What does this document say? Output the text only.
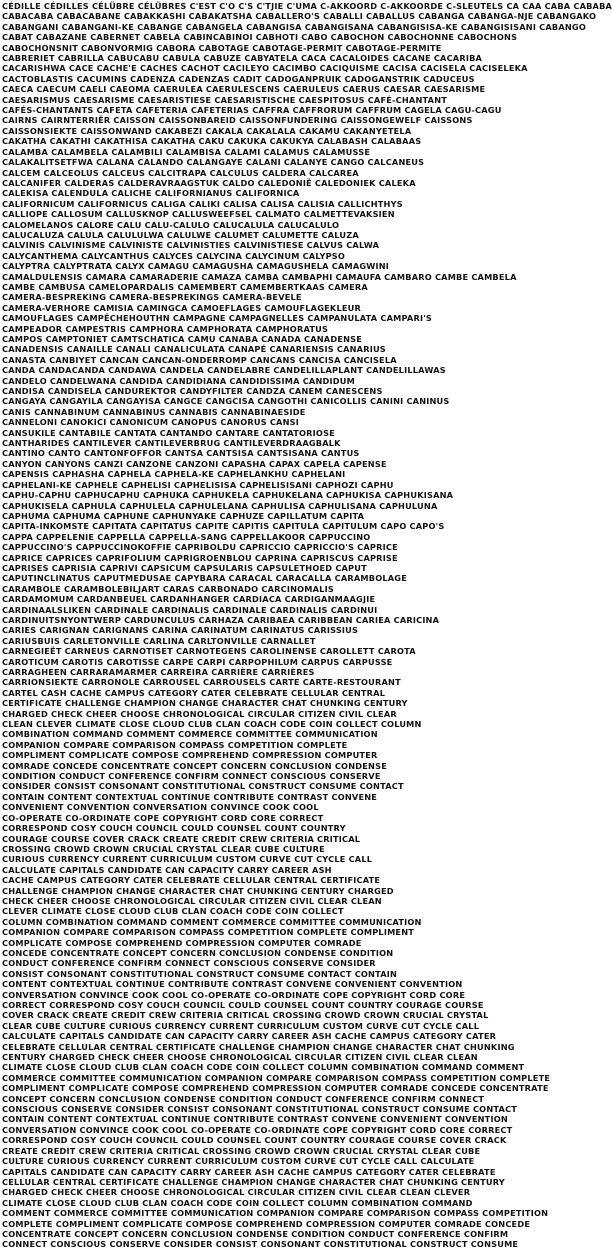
CÉDILLE CÉDILLES CÉLÜBRE CÉLÜBRES C'EST C'O C'S C'TJIE C'UMA C-AKKOORD C-AKKOORDE C-SLEUTELS CA CAA CABA CABABA
CABACABA CABACABANE CABAKKASHI CABAKATSHA CABALLERO'S CABALLI CABALLUS CABANGA CABANGA-NJE CABANGAKO
CABANGANI CABANGANI-KE CABANGE CABANGELA CABANGISA CABANGISANA CABANGISISA-KE CABANGISISANI CABANGO
CABAT CABAZANE CABERNET CABELA CABINCABINOI CABHOTI CABO CABOCHON CABOCHONNE CABOCHONS
CABOCHONSNIT CABONVORMIG CABORA CABOTAGE CABOTAGE-PERMIT CABOTAGE-PERMITE
CABRERIET CABRILLA CABUCABU CABULA CABUZE CABYATELA CACA CACALOIDES CACANE CACARIBA
CACARISHWA CACE CACHE'E CACHES CACHOT CACILEYO CACIMBO CACIQUISME CACISA CACISELA CACISELEKA
CACTOBLASTIS CACUMINS CADENZA CADENZAS CADIT CADOGANPRUIK CADOGANSTRIK CADUCEUS
CAECA CAECUM CAELI CAEOMA CAERULEA CAERULESCENS CAERULEUS CAERUS CAESAR CAESARISME
CAESARISMUS CAESARISME CAESARISTIESE CAESARISTISCHE CAESPITOSUS CAFÉ-CHANTANT
CAFÉS-CHANTANTS CAFETA CAFETERIA CAFETERIAS CAFFRA CAFFRORUM CAFFRUM CAGELA CAGU-CAGU
CAIRNS CAIRNTERRIËR CAISSON CAISSONBAREID CAISSONFUNDERING CAISSONGEWELF CAISSONS
CAISSONSIEKTE CAISSONWAND CAKABEZI CAKALA CAKALALA CAKAMU CAKANYETELA
CAKATHA CAKATHI CAKATHISA CAKATHA CAKU CAKUKA CAKUKYA CALABASH CALABAAS
CALAMBA CALAMBELA CALAMBILI CALAMBISA CALAMI CALAMUS CALAMUSSE
CALAKALITSETFWA CALANA CALANDO CALANGAYE CALANI CALANYE CANGO CALCANEUS
CALCEM CALCEOLUS CALCEUS CALCITRAPA CALCULUS CALDERA CALCAREA
CALCANIFER CALDERAS CALDERAVRAAGSTUK CALDO CALEDONIË CALEDONIEK CALEKA
CALEKISA CALENDULA CALICHE CALIFORNIANUS CALIFORNICA
CALIFORNICUM CALIFORNICUS CALIGA CALIKI CALISA CALISA CALISIA CALLICHTHYS
CALLIOPE CALLOSUM CALLUSKNOP CALLUSWEEFSEL CALMATO CALMETTEVAKSIEN
CALOMELANOS CALORE CALU CALU-CALULO CALUCALULA CALUCALULO
CALUCALUZA CALULA CALULULWA CALULWE CALUMET CALUMETTE CALUZA
CALVINIS CALVINISME CALVINISTE CALVINISTIES CALVINISTIESE CALVUS CALWA
CALYCANTHEMA CALYCANTHUS CALYCES CALYCINA CALYCINUM CALYPSO
CALYPTRA CALYPTRATA CALYX CAMAGU CAMAGUSHA CAMAGUSHELA CAMAGWINI
CAMALDULENSIS CAMARA CAMARADERIE CAMAZA CAMBA CAMBAPHI CAMAUFA CAMBARO CAMBE CAMBELA
CAMBE CAMBUSA CAMELOPARDALIS CAMEMBERT CAMEMBERTKAAS CAMERA
CAMERA-BESPREKING CAMERA-BESPREKINGS CAMERA-BEVELE
CAMERA-VERHORE CAMISIA CAMINGCA CAMOEFLAGES CAMOUFLAGEKLEUR
CAMOUFLAGES CAMPÊCHEHOUTHN CAMPAGNE CAMPAGNELLES CAMPANULATA CAMPARI'S
CAMPEADOR CAMPESTRIS CAMPHORA CAMPHORATA CAMPHORATUS
CAMPOS CAMPTONIET CAMTSCHATICA CAMU CANABA CANADA CANADENSE
CANADENSIS CANAILLE CANALI CANALICULATA CANAPÉ CANARIENSIS CANARIUS
CANASTA CANBIYET CANCAN CANCAN-ONDERROMP CANCANS CANCISA CANCISELA
CANDA CANDACANDA CANDAWA CANDELA CANDELABRE CANDELILLAPLANT CANDELILLAWAS
CANDELO CANDELWANA CANDIDA CANDIDIANA CANDIDISSIMA CANDIDUM
CANDISA CANDISELA CANDUREKTOR CANDYFILTER CANDZA CANEM CANESCENS
CANGAYA CANGAYILA CANGAYISA CANGCE CANGCISA CANGOTHI CANICOLLIS CANINI CANINUS
CANIS CANNABINUM CANNABINUS CANNABIS CANNABINAESIDE
CANNELONI CANOKICI CANONICUM CANOPUS CANORUS CANSI
CANSUKILE CANTABILE CANTATA CANTANDO CANTARE CANTATORIOSE
CANTHARIDES CANTILEVER CANTILEVERBRUG CANTILEVERDRAAGBALK
CANTINO CANTO CANTONFOFFOR CANTSA CANTSISA CANTSISANA CANTUS
CANYON CANYONS CANZI CANZONE CANZONI CAPASHA CAPAX CAPELA CAPENSE
CAPENSIS CAPHASHA CAPHELA CAPHELA-KE CAPHELANKHU CAPHELANI
CAPHELANI-KE CAPHELE CAPHELISI CAPHELISISA CAPHELISISANI CAPHOZI CAPHU
CAPHU-CAPHU CAPHUCAPHU CAPHUKA CAPHUKELA CAPHUKELANA CAPHUKISA CAPHUKISANA
CAPHUKISELA CAPHULA CAPHULELA CAPHULELANA CAPHULISA CAPHULISANA CAPHULUNA
CAPHUMA CAPHUMA CAPHUNE CAPHUNYAKE CAPHUZE CAPILLATUM CAPITA
CAPITA-INKOMSTE CAPITATA CAPITATUS CAPITE CAPITIS CAPITULA CAPITULUM CAPO CAPO'S
CAPPA CAPPELENIE CAPPELLA CAPPELLA-SANG CAPPELLAKOOR CAPPUCCINO
CAPPUCCINO'S CAPPUCCINOKOFFIE CAPRIBOLDU CAPRICCIO CAPRICCIO'S CAPRICE
CAPRICE CAPRICES CAPRIFOLIUM CAPRIGROENBLOU CAPRINA CAPRISCUS CAPRISE
CAPRISES CAPRISIA CAPRIVI CAPSICUM CAPSULARIS CAPSULETHOED CAPUT
CAPUTINCLINATUS CAPUTMEDUSAE CAPYBARA CARACAL CARACALLA CARAMBOLAGE
CARAMBOLE CARAMBOLEBILJART CARAS CARBONADO CARCINOMALIS
CARDAMOMUM CARDANBEUEL CARDANHANGER CARDIACA CARDIGANMAAGJIE
CARDINAALSLIKEN CARDINALE CARDINALIS CARDINALE CARDINALIS CARDINUI
CARDINUITSNYONTWERP CARDUNCULUS CARHAZA CARIBAEA CARIBBEAN CARIEA CARICINA
CARIES CARIGNAN CARIGNANS CARINA CARINATUM CARINATUS CARISSIUS
CARIUSBUIS CARLETONVILLE CARLINA CARLTONVILLE CARNALLET
CARNEGIEËT CARNEUS CARNOTISET CARNOTEGENS CAROLINENSE CAROLLETT CAROTA
CAROTICUM CAROTIS CAROTISSE CARPE CARPI CARPOPHILUM CARPUS CARPUSSE
CARRAGHEEN CARRARAMARMER CARREIRA CARRIÈRE CARRIÈRES
CARRIONSIEKTE CARRONOLE CARROUSEL CARROUSELS CARTE CARTE-RESTOURANT
CARTEL CASH CACHE CAMPUS CATEGORY CATER CELEBRATE CELLULAR CENTRAL
CERTIFICATE CHALLENGE CHAMPION CHANGE CHARACTER CHAT CHUNKING CENTURY
CHARGED CHECK CHEER CHOOSE CHRONOLOGICAL CIRCULAR CITIZEN CIVIL CLEAR
CLEAN CLEVER CLIMATE CLOSE CLOUD CLUB CLAN COACH CODE COIN COLLECT COLUMN
COMBINATION COMMAND COMMENT COMMERCE COMMITTEE COMMUNICATION
COMPANION COMPARE COMPARISON COMPASS COMPETITION COMPLETE
COMPLIMENT COMPLICATE COMPOSE COMPREHEND COMPRESSION COMPUTER
COMRADE CONCEDE CONCENTRATE CONCEPT CONCERN CONCLUSION CONDENSE
CONDITION CONDUCT CONFERENCE CONFIRM CONNECT CONSCIOUS CONSERVE
CONSIDER CONSIST CONSONANT CONSTITUTIONAL CONSTRUCT CONSUME CONTACT
CONTAIN CONTENT CONTEXTUAL CONTINUE CONTRIBUTE CONTRAST CONVENE
CONVENIENT CONVENTION CONVERSATION CONVINCE COOK COOL
CO-OPERATE CO-ORDINATE COPE COPYRIGHT CORD CORE CORRECT
CORRESPOND COSY COUCH COUNCIL COULD COUNSEL COUNT COUNTRY
COURAGE COURSE COVER CRACK CREATE CREDIT CREW CRITERIA CRITICAL
CROSSING CROWD CROWN CRUCIAL CRYSTAL CLEAR CUBE CULTURE
CURIOUS CURRENCY CURRENT CURRICULUM CUSTOM CURVE CUT CYCLE CALL
CALCULATE CAPITALS CANDIDATE CAN CAPACITY CARRY CAREER ASH
CACHE CAMPUS CATEGORY CATER CELEBRATE CELLULAR CENTRAL CERTIFICATE
CHALLENGE CHAMPION CHANGE CHARACTER CHAT CHUNKING CENTURY CHARGED
CHECK CHEER CHOOSE CHRONOLOGICAL CIRCULAR CITIZEN CIVIL CLEAR CLEAN
CLEVER CLIMATE CLOSE CLOUD CLUB CLAN COACH CODE COIN COLLECT
COLUMN COMBINATION COMMAND COMMENT COMMERCE COMMITTEE COMMUNICATION
COMPANION COMPARE COMPARISON COMPASS COMPETITION COMPLETE COMPLIMENT
COMPLICATE COMPOSE COMPREHEND COMPRESSION COMPUTER COMRADE
CONCEDE CONCENTRATE CONCEPT CONCERN CONCLUSION CONDENSE CONDITION
CONDUCT CONFERENCE CONFIRM CONNECT CONSCIOUS CONSERVE CONSIDER
CONSIST CONSONANT CONSTITUTIONAL CONSTRUCT CONSUME CONTACT CONTAIN
CONTENT CONTEXTUAL CONTINUE CONTRIBUTE CONTRAST CONVENE CONVENIENT CONVENTION
CONVERSATION CONVINCE COOK COOL CO-OPERATE CO-ORDINATE COPE COPYRIGHT CORD CORE
CORRECT CORRESPOND COSY COUCH COUNCIL COULD COUNSEL COUNT COUNTRY COURAGE COURSE
COVER CRACK CREATE CREDIT CREW CRITERIA CRITICAL CROSSING CROWD CROWN CRUCIAL CRYSTAL
CLEAR CUBE CULTURE CURIOUS CURRENCY CURRENT CURRICULUM CUSTOM CURVE CUT CYCLE CALL
CALCULATE CAPITALS CANDIDATE CAN CAPACITY CARRY CAREER ASH CACHE CAMPUS CATEGORY CATER
CELEBRATE CELLULAR CENTRAL CERTIFICATE CHALLENGE CHAMPION CHANGE CHARACTER CHAT CHUNKING
CENTURY CHARGED CHECK CHEER CHOOSE CHRONOLOGICAL CIRCULAR CITIZEN CIVIL CLEAR CLEAN
CLIMATE CLOSE CLOUD CLUB CLAN COACH CODE COIN COLLECT COLUMN COMBINATION COMMAND COMMENT
COMMERCE COMMITTEE COMMUNICATION COMPANION COMPARE COMPARISON COMPASS COMPETITION COMPLETE
COMPLIMENT COMPLICATE COMPOSE COMPREHEND COMPRESSION COMPUTER COMRADE CONCEDE CONCENTRATE
CONCEPT CONCERN CONCLUSION CONDENSE CONDITION CONDUCT CONFERENCE CONFIRM CONNECT
CONSCIOUS CONSERVE CONSIDER CONSIST CONSONANT CONSTITUTIONAL CONSTRUCT CONSUME CONTACT
CONTAIN CONTENT CONTEXTUAL CONTINUE CONTRIBUTE CONTRAST CONVENE CONVENIENT CONVENTION
CONVERSATION CONVINCE COOK COOL CO-OPERATE CO-ORDINATE COPE COPYRIGHT CORD CORE CORRECT
CORRESPOND COSY COUCH COUNCIL COULD COUNSEL COUNT COUNTRY COURAGE COURSE COVER CRACK
CREATE CREDIT CREW CRITERIA CRITICAL CROSSING CROWD CROWN CRUCIAL CRYSTAL CLEAR CUBE
CULTURE CURIOUS CURRENCY CURRENT CURRICULUM CUSTOM CURVE CUT CYCLE CALL CALCULATE
CAPITALS CANDIDATE CAN CAPACITY CARRY CAREER ASH CACHE CAMPUS CATEGORY CATER CELEBRATE
CELLULAR CENTRAL CERTIFICATE CHALLENGE CHAMPION CHANGE CHARACTER CHAT CHUNKING CENTURY
CHARGED CHECK CHEER CHOOSE CHRONOLOGICAL CIRCULAR CITIZEN CIVIL CLEAR CLEAN CLEVER
CLIMATE CLOSE CLOUD CLUB CLAN COACH CODE COIN COLLECT COLUMN COMBINATION COMMAND
COMMENT COMMERCE COMMITTEE COMMUNICATION COMPANION COMPARE COMPARISON COMPASS COMPETITION
COMPLETE COMPLIMENT COMPLICATE COMPOSE COMPREHEND COMPRESSION COMPUTER COMRADE CONCEDE
CONCENTRATE CONCEPT CONCERN CONCLUSION CONDENSE CONDITION CONDUCT CONFERENCE CONFIRM
CONNECT CONSCIOUS CONSERVE CONSIDER CONSIST CONSONANT CONSTITUTIONAL CONSTRUCT CONSUME
